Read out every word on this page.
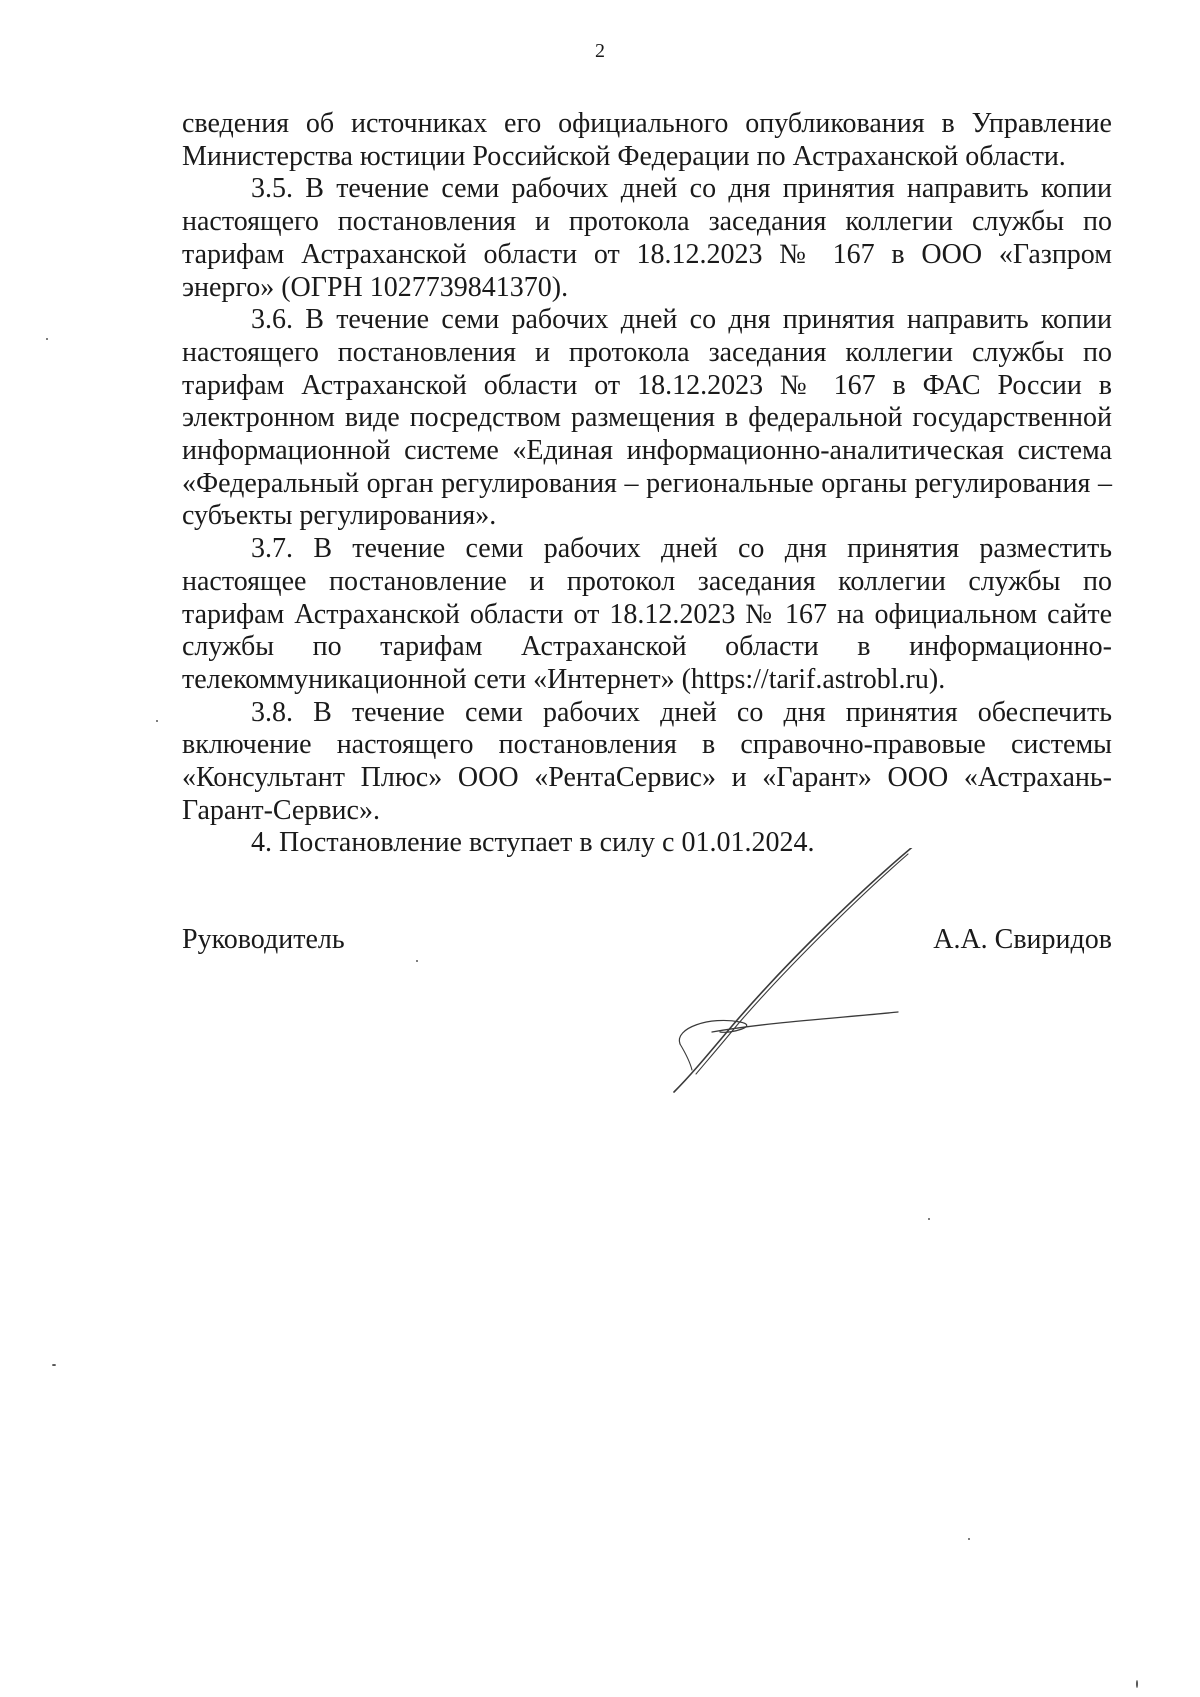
2

сведения об источниках его официального опубликования в Управление Министерства юстиции Российской Федерации по Астраханской области.

3.5. В течение семи рабочих дней со дня принятия направить копии настоящего постановления и протокола заседания коллегии службы по тарифам Астраханской области от 18.12.2023 № 167 в ООО «Газпром энерго» (ОГРН 1027739841370).

3.6. В течение семи рабочих дней со дня принятия направить копии настоящего постановления и протокола заседания коллегии службы по тарифам Астраханской области от 18.12.2023 № 167 в ФАС России в электронном виде посредством размещения в федеральной государственной информационной системе «Единая информационно-аналитическая система «Федеральный орган регулирования – региональные органы регулирования – субъекты регулирования».

3.7. В течение семи рабочих дней со дня принятия разместить настоящее постановление и протокол заседания коллегии службы по тарифам Астраханской области от 18.12.2023 № 167 на официальном сайте службы по тарифам Астраханской области в информационно-телекоммуникационной сети «Интернет» (https://tarif.astrobl.ru).

3.8. В течение семи рабочих дней со дня принятия обеспечить включение настоящего постановления в справочно-правовые системы «Консультант Плюс» ООО «РентаСервис» и «Гарант» ООО «Астрахань-Гарант-Сервис».

4. Постановление вступает в силу с 01.01.2024.

Руководитель	А.А. Свиридов
